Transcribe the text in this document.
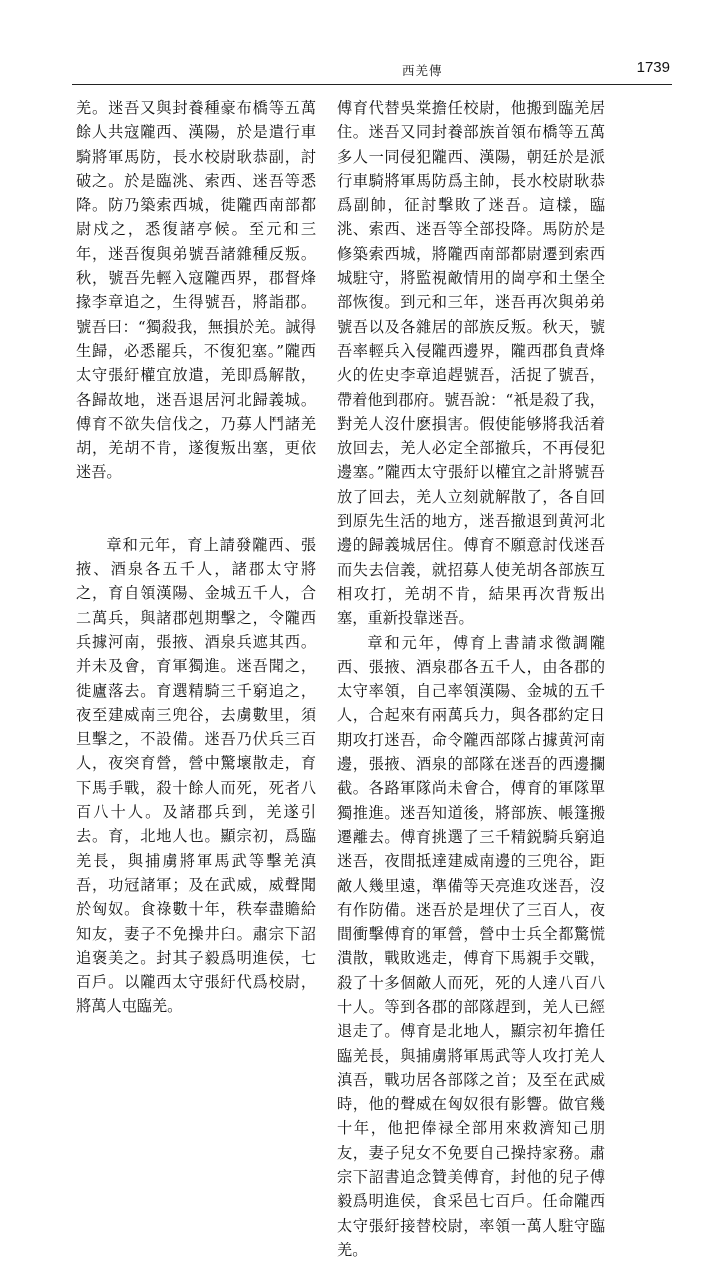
西羌傳	1739

羌。迷吾又與封養種豪布橋等五萬餘人共寇隴西、漢陽，於是遣行車騎將軍馬防，長水校尉耿恭副，討破之。於是臨洮、索西、迷吾等悉降。防乃築索西城，徙隴西南部都尉戍之，悉復諸亭候。至元和三年，迷吾復與弟號吾諸雜種反叛。秋，號吾先輕入寇隴西界，郡督烽掾李章追之，生得號吾，將詣郡。號吾曰：“獨殺我，無損於羌。誠得生歸，必悉罷兵，不復犯塞。”隴西太守張紆權宜放遣，羌即爲解散，各歸故地，迷吾退居河北歸義城。傅育不欲失信伐之，乃募人鬥諸羌胡，羌胡不肯，遂復叛出塞，更依迷吾。

章和元年，育上請發隴西、張掖、酒泉各五千人，諸郡太守將之，育自領漢陽、金城五千人，合二萬兵，與諸郡剋期擊之，令隴西兵據河南，張掖、酒泉兵遮其西。并未及會，育軍獨進。迷吾聞之，徙廬落去。育選精騎三千窮追之，夜至建威南三兜谷，去虜數里，須旦擊之，不設備。迷吾乃伏兵三百人，夜突育營，營中驚壞散走，育下馬手戰，殺十餘人而死，死者八百八十人。及諸郡兵到，羌遂引去。育，北地人也。顯宗初，爲臨羌長，與捕虜將軍馬武等擊羌滇吾，功冠諸軍；及在武威，威聲聞於匈奴。食祿數十年，秩奉盡贍給知友，妻子不免操井臼。肅宗下詔追褒美之。封其子毅爲明進侯，七百戶。以隴西太守張紆代爲校尉，將萬人屯臨羌。

傅育代替吳棠擔任校尉，他搬到臨羌居住。迷吾又同封養部族首領布橋等五萬多人一同侵犯隴西、漢陽，朝廷於是派行車騎將軍馬防爲主帥，長水校尉耿恭爲副帥，征討擊敗了迷吾。這樣，臨洮、索西、迷吾等全部投降。馬防於是修築索西城，將隴西南部都尉遷到索西城駐守，將監視敵情用的崗亭和土堡全部恢復。到元和三年，迷吾再次與弟弟號吾以及各雜居的部族反叛。秋天，號吾率輕兵入侵隴西邊界，隴西郡負責烽火的佐史李章追趕號吾，活捉了號吾，帶着他到郡府。號吾說：“衹是殺了我，對羌人沒什麽損害。假使能够將我活着放回去，羌人必定全部撤兵，不再侵犯邊塞。”隴西太守張紆以權宜之計將號吾放了回去，羌人立刻就解散了，各自回到原先生活的地方，迷吾撤退到黄河北邊的歸義城居住。傅育不願意討伐迷吾而失去信義，就招募人使羌胡各部族互相攻打，羌胡不肯，結果再次背叛出塞，重新投靠迷吾。

章和元年，傅育上書請求徵調隴西、張掖、酒泉郡各五千人，由各郡的太守率領，自己率領漢陽、金城的五千人，合起來有兩萬兵力，與各郡約定日期攻打迷吾，命令隴西部隊占據黄河南邊，張掖、酒泉的部隊在迷吾的西邊攔截。各路軍隊尚未會合，傅育的軍隊單獨推進。迷吾知道後，將部族、帳篷搬遷離去。傅育挑選了三千精鋭騎兵窮追迷吾，夜間抵達建威南邊的三兜谷，距敵人幾里遠，準備等天亮進攻迷吾，沒有作防備。迷吾於是埋伏了三百人，夜間衝擊傅育的軍營，營中士兵全都驚慌潰散，戰敗逃走，傅育下馬親手交戰，殺了十多個敵人而死，死的人達八百八十人。等到各郡的部隊趕到，羌人已經退走了。傅育是北地人，顯宗初年擔任臨羌長，與捕虜將軍馬武等人攻打羌人滇吾，戰功居各部隊之首；及至在武威時，他的聲威在匈奴很有影響。做官幾十年，他把俸禄全部用來救濟知己朋友，妻子兒女不免要自己操持家務。肅宗下詔書追念贊美傅育，封他的兒子傅毅爲明進侯，食采邑七百戶。任命隴西太守張紆接替校尉，率領一萬人駐守臨羌。
